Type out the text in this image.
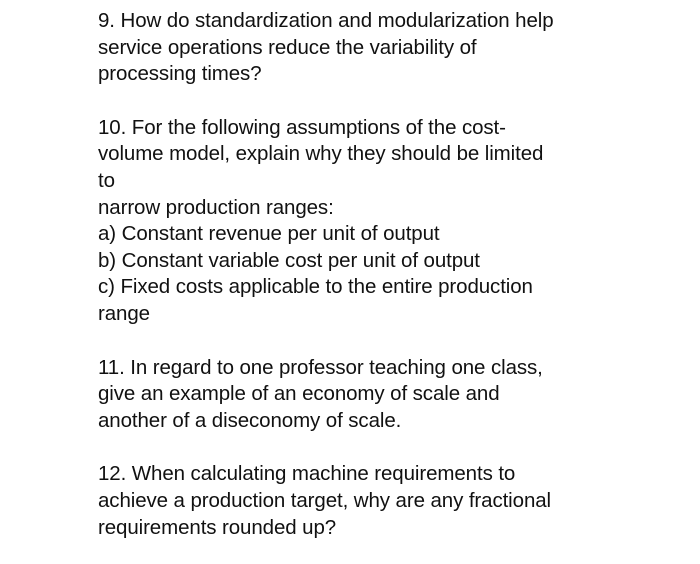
9. How do standardization and modularization help
service operations reduce the variability of
processing times?
10. For the following assumptions of the cost-
volume model, explain why they should be limited
to
narrow production ranges:
a) Constant revenue per unit of output
b) Constant variable cost per unit of output
c) Fixed costs applicable to the entire production
range
11. In regard to one professor teaching one class,
give an example of an economy of scale and
another of a diseconomy of scale.
12. When calculating machine requirements to
achieve a production target, why are any fractional
requirements rounded up?
